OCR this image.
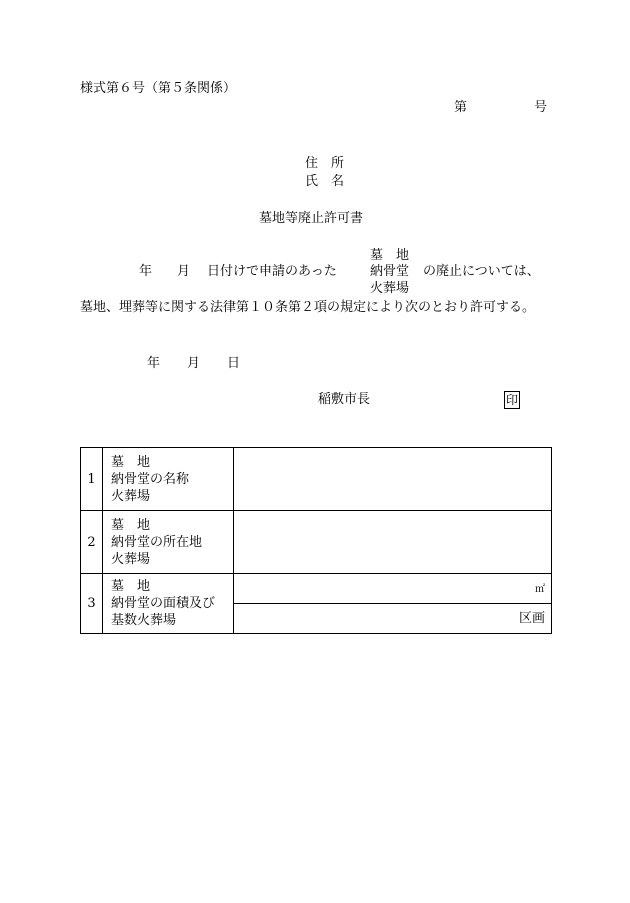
様式第６号（第５条関係）
第	号
住　所
氏　名
墓地等廃止許可書
墓　地
年 月 日付けで申請のあった	納骨堂 の廃止については、
火葬場
墓地、埋葬等に関する法律第１０条第２項の規定により次のとおり許可する。
年 月 日
稲敷市長	印
1	墓　地
納骨堂の名称
火葬場	

2	墓　地
納骨堂の所在地
火葬場	

3	墓　地
納骨堂の面積及び
基数火葬場	㎡
		区画
